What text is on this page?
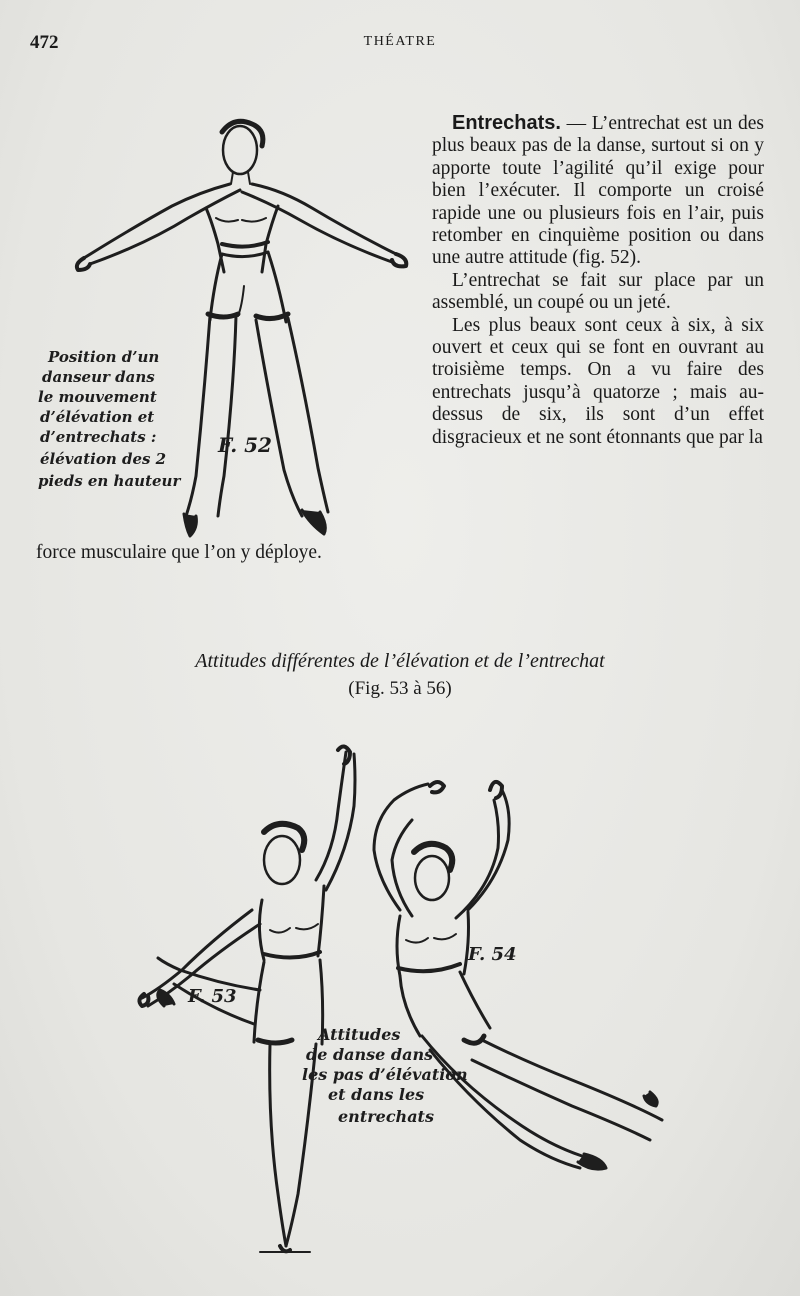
472	THÉATRE
Position d’un
danseur dans
le mouvement
d’élévation et
d’entrechats :
élévation des 2
pieds en hauteur
F. 52

Entrechats. — L’entrechat est un des plus beaux pas de la danse, surtout si on y apporte toute l’agilité qu’il exige pour bien l’exécuter. Il comporte un croisé rapide une ou plusieurs fois en l’air, puis retomber en cinquième position ou dans une autre attitude (fig. 52).

L’entrechat se fait sur place par un assemblé, un coupé ou un jeté.

Les plus beaux sont ceux à six, à six ouvert et ceux qui se font en ouvrant au troisième temps. On a vu faire des entrechats jusqu’à quatorze ; mais au-dessus de six, ils sont d’un effet disgracieux et ne sont étonnants que par la

force musculaire que l’on y déploye.
Attitudes différentes de l’élévation et de l’entrechat
(Fig. 53 à 56)
F. 53
F. 54
Attitudes
de danse dans
les pas d’élévation
et dans les
entrechats
